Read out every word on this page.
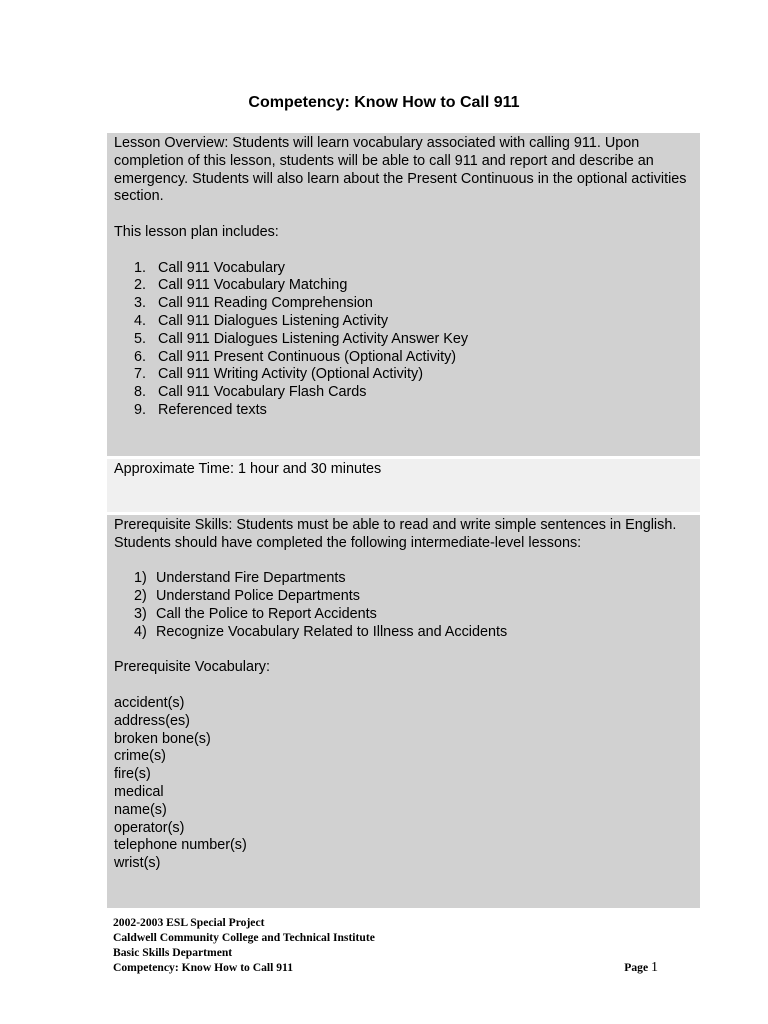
Competency: Know How to Call 911

Lesson Overview: Students will learn vocabulary associated with calling 911. Upon completion of this lesson, students will be able to call 911 and report and describe an emergency. Students will also learn about the Present Continuous in the optional activities section.

This lesson plan includes:

1. Call 911 Vocabulary
2. Call 911 Vocabulary Matching
3. Call 911 Reading Comprehension
4. Call 911 Dialogues Listening Activity
5. Call 911 Dialogues Listening Activity Answer Key
6. Call 911 Present Continuous (Optional Activity)
7. Call 911 Writing Activity (Optional Activity)
8. Call 911 Vocabulary Flash Cards
9. Referenced texts

Approximate Time: 1 hour and 30 minutes

Prerequisite Skills: Students must be able to read and write simple sentences in English. Students should have completed the following intermediate-level lessons:

1) Understand Fire Departments
2) Understand Police Departments
3) Call the Police to Report Accidents
4) Recognize Vocabulary Related to Illness and Accidents

Prerequisite Vocabulary:

accident(s)
address(es)
broken bone(s)
crime(s)
fire(s)
medical
name(s)
operator(s)
telephone number(s)
wrist(s)
2002-2003 ESL Special Project
Caldwell Community College and Technical Institute
Basic Skills Department
Competency: Know How to Call 911	Page 1
